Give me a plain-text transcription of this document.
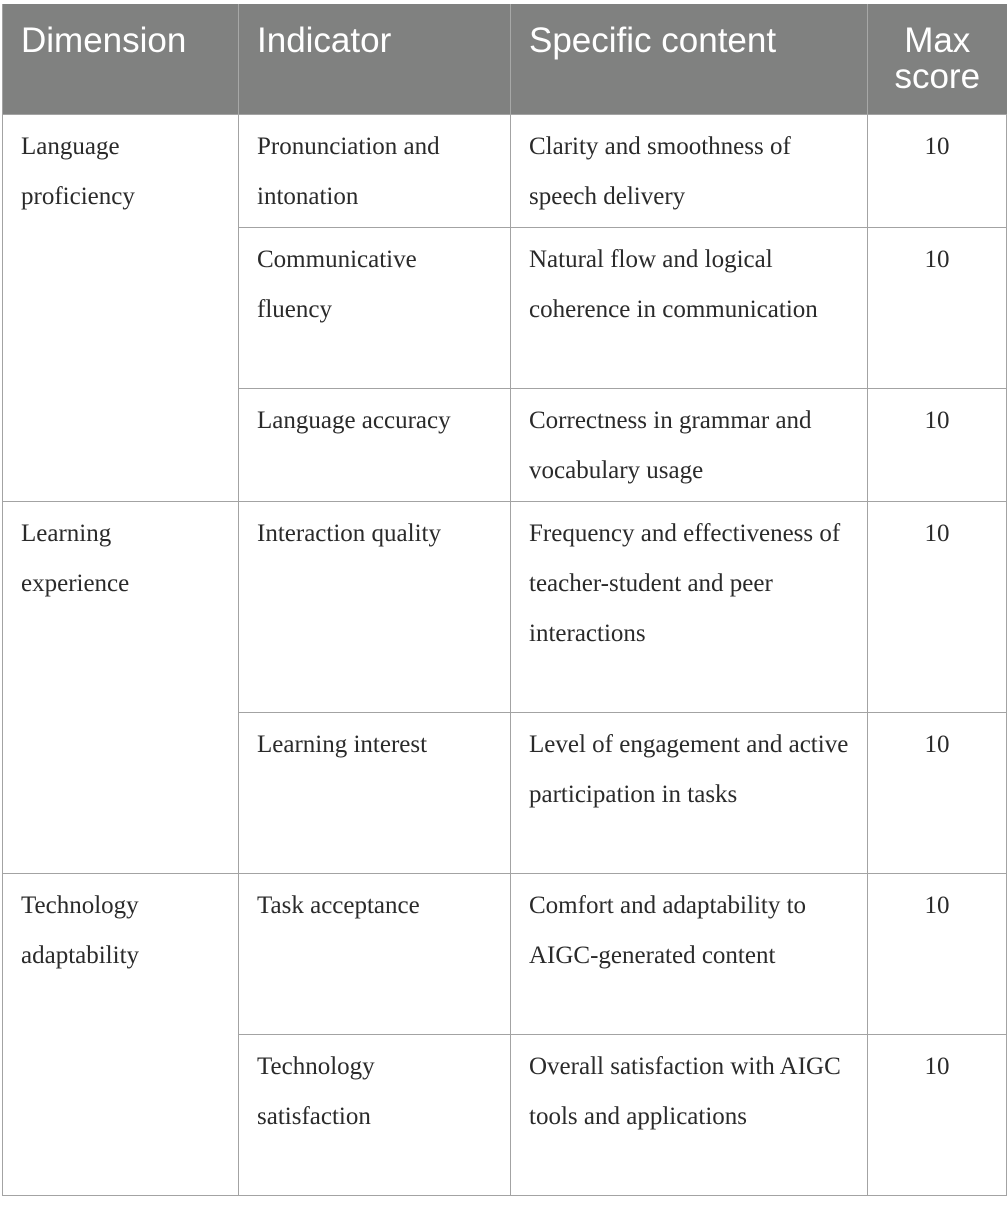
Dimension	Indicator	Specific content	Max score
Language proficiency	Pronunciation and intonation	Clarity and smoothness of speech delivery	10
	Communicative fluency	Natural flow and logical coherence in communication	10
	Language accuracy	Correctness in grammar and vocabulary usage	10
Learning experience	Interaction quality	Frequency and effectiveness of teacher-student and peer interactions	10
	Learning interest	Level of engagement and active participation in tasks	10
Technology adaptability	Task acceptance	Comfort and adaptability to AIGC-generated content	10
	Technology satisfaction	Overall satisfaction with AIGC tools and applications	10
